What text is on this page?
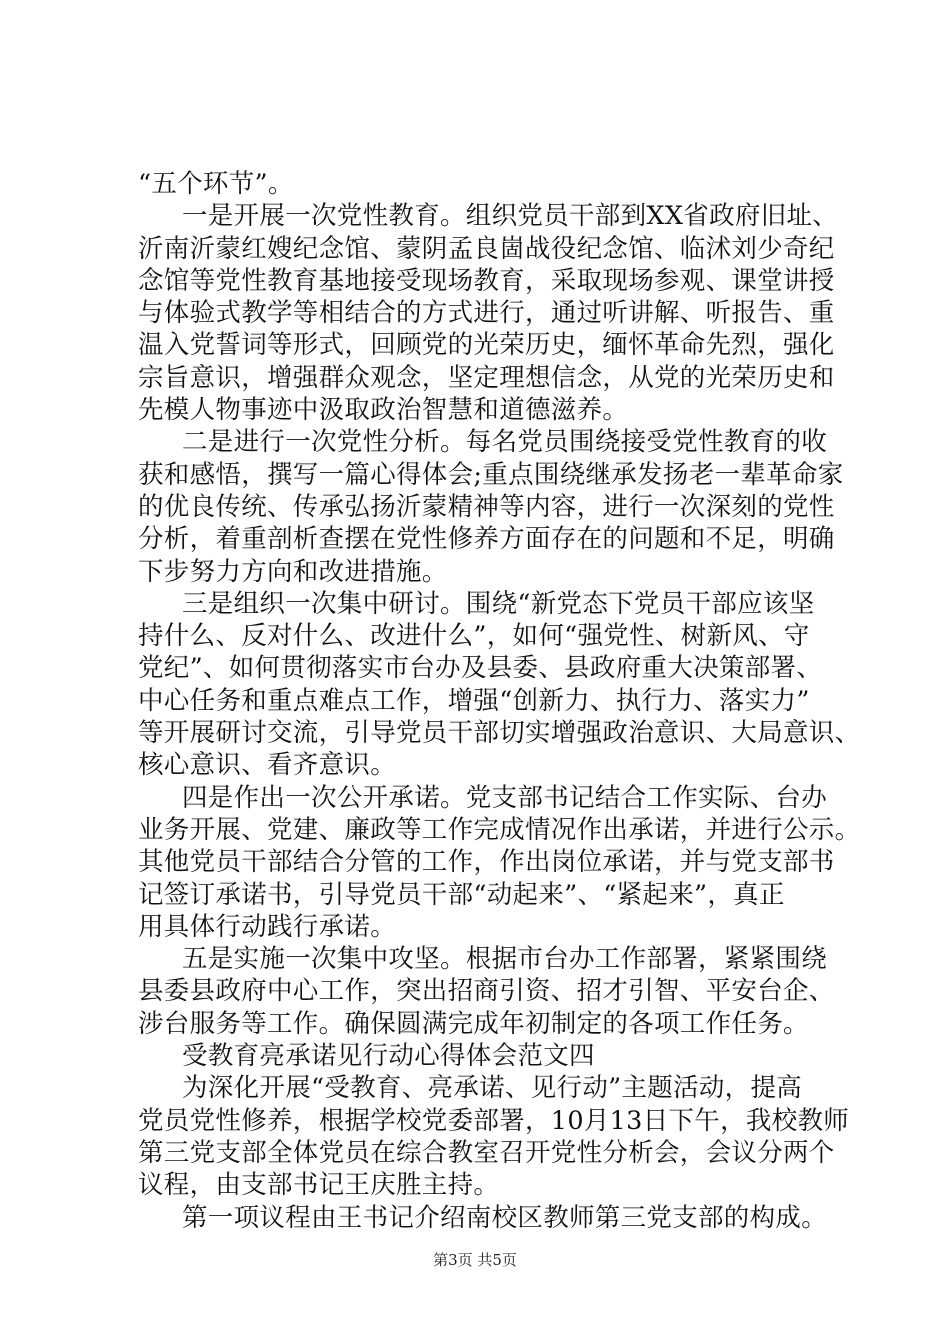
“五个环节”。
一是开展一次党性教育。组织党员干部到XX省政府旧址、
沂南沂蒙红嫂纪念馆、蒙阴孟良崮战役纪念馆、临沭刘少奇纪
念馆等党性教育基地接受现场教育，采取现场参观、课堂讲授
与体验式教学等相结合的方式进行，通过听讲解、听报告、重
温入党誓词等形式，回顾党的光荣历史，缅怀革命先烈，强化
宗旨意识，增强群众观念，坚定理想信念，从党的光荣历史和
先模人物事迹中汲取政治智慧和道德滋养。
二是进行一次党性分析。每名党员围绕接受党性教育的收
获和感悟，撰写一篇心得体会;重点围绕继承发扬老一辈革命家
的优良传统、传承弘扬沂蒙精神等内容，进行一次深刻的党性
分析，着重剖析查摆在党性修养方面存在的问题和不足，明确
下步努力方向和改进措施。
三是组织一次集中研讨。围绕“新党态下党员干部应该坚
持什么、反对什么、改进什么”，如何“强党性、树新风、守
党纪”、如何贯彻落实市台办及县委、县政府重大决策部署、
中心任务和重点难点工作，增强“创新力、执行力、落实力”
等开展研讨交流，引导党员干部切实增强政治意识、大局意识、
核心意识、看齐意识。
四是作出一次公开承诺。党支部书记结合工作实际、台办
业务开展、党建、廉政等工作完成情况作出承诺，并进行公示。
其他党员干部结合分管的工作，作出岗位承诺，并与党支部书
记签订承诺书，引导党员干部“动起来”、“紧起来”，真正
用具体行动践行承诺。
五是实施一次集中攻坚。根据市台办工作部署，紧紧围绕
县委县政府中心工作，突出招商引资、招才引智、平安台企、
涉台服务等工作。确保圆满完成年初制定的各项工作任务。
受教育亮承诺见行动心得体会范文四
为深化开展“受教育、亮承诺、见行动”主题活动，提高
党员党性修养，根据学校党委部署，10月13日下午，我校教师
第三党支部全体党员在综合教室召开党性分析会，会议分两个
议程，由支部书记王庆胜主持。
第一项议程由王书记介绍南校区教师第三党支部的构成。
第3页 共5页
